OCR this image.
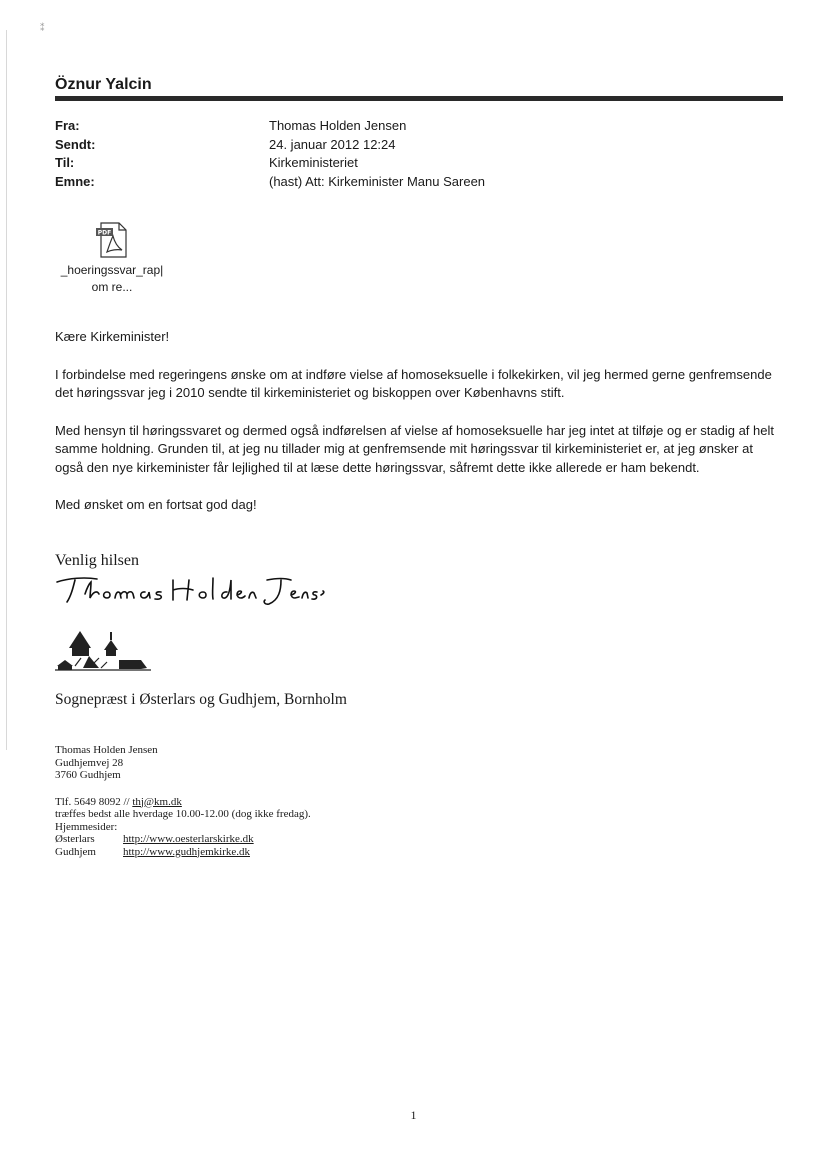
⁑
Öznur Yalcin
Fra:	Thomas Holden Jensen
Sendt:	24. januar 2012 12:24
Til:	Kirkeministeriet
Emne:	(hast) Att: Kirkeminister Manu Sareen
PDF
_hoeringssvar_rap|
om re...

Kære Kirkeminister!

I forbindelse med regeringens ønske om at indføre vielse af homoseksuelle i folkekirken, vil jeg hermed gerne genfremsende det høringssvar jeg i 2010 sendte til kirkeministeriet og biskoppen over Københavns stift.

Med hensyn til høringssvaret og dermed også indførelsen af vielse af homoseksuelle har jeg intet at tilføje og er stadig af helt samme holdning. Grunden til, at jeg nu tillader mig at genfremsende mit høringssvar til kirkeministeriet er, at jeg ønsker at også den nye kirkeminister får lejlighed til at læse dette høringssvar, såfremt dette ikke allerede er ham bekendt.

Med ønsket om en fortsat god dag!

Venlig hilsen
Sognepræst i Østerlars og Gudhjem, Bornholm
Thomas Holden Jensen
Gudhjemvej 28
3760 Gudhjem
Tlf. 5649 8092 // thj@km.dk
træffes bedst alle hverdage 10.00-12.00 (dog ikke fredag).
Hjemmesider:
Østerlars	http://www.oesterlarskirke.dk
Gudhjem http://www.gudhjemkirke.dk
1
